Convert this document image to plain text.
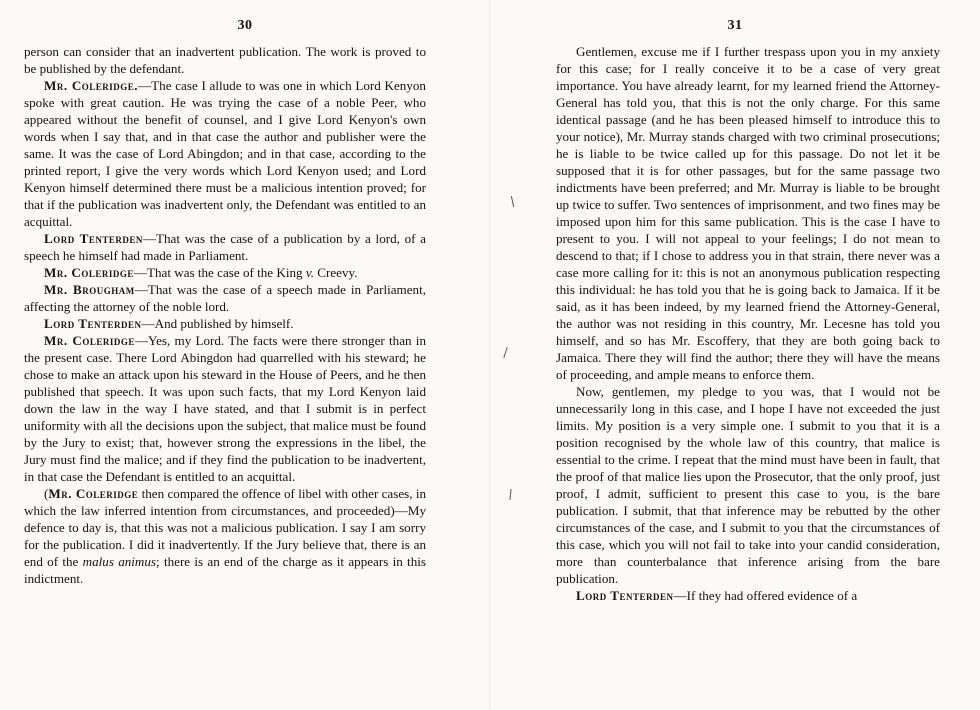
30

person can consider that an inadvertent publication. The work is proved to be published by the defendant.

Mr. Coleridge.—The case I allude to was one in which Lord Kenyon spoke with great caution. He was trying the case of a noble Peer, who appeared without the benefit of counsel, and I give Lord Kenyon's own words when I say that, and in that case the author and publisher were the same. It was the case of Lord Abingdon; and in that case, according to the printed report, I give the very words which Lord Kenyon used; and Lord Kenyon himself determined there must be a malicious intention proved; for that if the publication was inadvertent only, the Defendant was entitled to an acquittal.

Lord Tenterden—That was the case of a publication by a lord, of a speech he himself had made in Parliament.

Mr. Coleridge—That was the case of the King v. Creevy.

Mr. Brougham—That was the case of a speech made in Parliament, affecting the attorney of the noble lord.

Lord Tenterden—And published by himself.

Mr. Coleridge—Yes, my Lord. The facts were there stronger than in the present case. There Lord Abingdon had quarrelled with his steward; he chose to make an attack upon his steward in the House of Peers, and he then published that speech. It was upon such facts, that my Lord Kenyon laid down the law in the way I have stated, and that I submit is in perfect uniformity with all the decisions upon the subject, that malice must be found by the Jury to exist; that, however strong the expressions in the libel, the Jury must find the malice; and if they find the publication to be inadvertent, in that case the Defendant is entitled to an acquittal.

(Mr. Coleridge then compared the offence of libel with other cases, in which the law inferred intention from circumstances, and proceeded)—My defence to day is, that this was not a malicious publication. I say I am sorry for the publication. I did it inadvertently. If the Jury believe that, there is an end of the malus animus; there is an end of the charge as it appears in this indictment.

31

Gentlemen, excuse me if I further trespass upon you in my anxiety for this case; for I really conceive it to be a case of very great importance. You have already learnt, for my learned friend the Attorney-General has told you, that this is not the only charge. For this same identical passage (and he has been pleased himself to introduce this to your notice), Mr. Murray stands charged with two criminal prosecutions; he is liable to be twice called up for this passage. Do not let it be supposed that it is for other passages, but for the same passage two indictments have been preferred; and Mr. Murray is liable to be brought up twice to suffer. Two sentences of imprisonment, and two fines may be imposed upon him for this same publication. This is the case I have to present to you. I will not appeal to your feelings; I do not mean to descend to that; if I chose to address you in that strain, there never was a case more calling for it: this is not an anonymous publication respecting this individual: he has told you that he is going back to Jamaica. If it be said, as it has been indeed, by my learned friend the Attorney-General, the author was not residing in this country, Mr. Lecesne has told you himself, and so has Mr. Escoffery, that they are both going back to Jamaica. There they will find the author; there they will have the means of proceeding, and ample means to enforce them.

Now, gentlemen, my pledge to you was, that I would not be unnecessarily long in this case, and I hope I have not exceeded the just limits. My position is a very simple one. I submit to you that it is a position recognised by the whole law of this country, that malice is essential to the crime. I repeat that the mind must have been in fault, that the proof of that malice lies upon the Prosecutor, that the only proof, just proof, I admit, sufficient to present this case to you, is the bare publication. I submit, that that inference may be rebutted by the other circumstances of the case, and I submit to you that the circumstances of this case, which you will not fail to take into your candid consideration, more than counterbalance that inference arising from the bare publication.

Lord Tenterden—If they had offered evidence of a
